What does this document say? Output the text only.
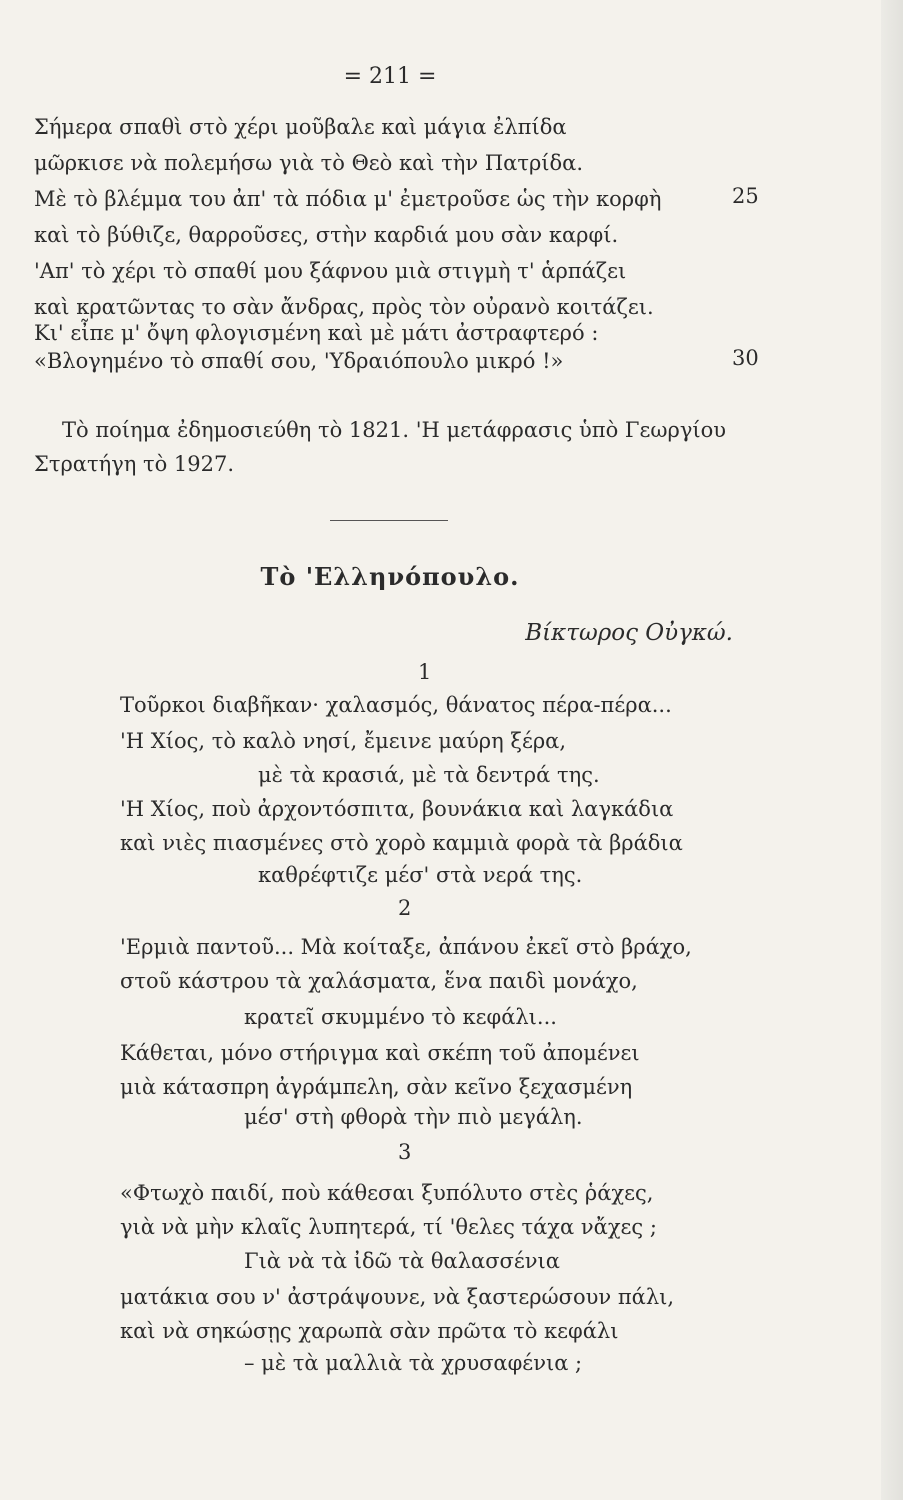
= 211 =
Σήμερα σπαθὶ στὸ χέρι μοῦβαλε καὶ μάγια ἐλπίδα
μῶρκισε νὰ πολεμήσω γιὰ τὸ Θεὸ καὶ τὴν Πατρίδα.
Μὲ τὸ βλέμμα του ἀπ' τὰ πόδια μ' ἐμετροῦσε ὡς τὴν κορφὴ
καὶ τὸ βύθιζε, θαρροῦσες, στὴν καρδιά μου σὰν καρφί.
'Απ' τὸ χέρι τὸ σπαθί μου ξάφνου μιὰ στιγμὴ τ' ἁρπάζει
καὶ κρατῶντας το σὰν ἄνδρας, πρὸς τὸν οὐρανὸ κοιτάζει.
Κι' εἶπε μ' ὄψη φλογισμένη καὶ μὲ μάτι ἀστραφτερό :
«Βλογημένο τὸ σπαθί σου, 'Υδραιόπουλο μικρό !»
25
30
Τὸ ποίημα ἐδημοσιεύθη τὸ 1821. 'Η μετάφρασις ὑπὸ Γεωργίου
Στρατήγη τὸ 1927.
Τὸ 'Ελληνόπουλο.
Βίκτωρος Οὐγκώ.
1
Τοῦρκοι διαβῆκαν· χαλασμός, θάνατος πέρα-πέρα...
'Η Χίος, τὸ καλὸ νησί, ἔμεινε μαύρη ξέρα,
μὲ τὰ κρασιά, μὲ τὰ δεντρά της.
'Η Χίος, ποὺ ἀρχοντόσπιτα, βουνάκια καὶ λαγκάδια
καὶ νιὲς πιασμένες στὸ χορὸ καμμιὰ φορὰ τὰ βράδια
καθρέφτιζε μέσ' στὰ νερά της.
2
'Ερμιὰ παντοῦ... Μὰ κοίταξε, ἀπάνου ἐκεῖ στὸ βράχο,
στοῦ κάστρου τὰ χαλάσματα, ἕνα παιδὶ μονάχο,
κρατεῖ σκυμμένο τὸ κεφάλι...
Κάθεται, μόνο στήριγμα καὶ σκέπη τοῦ ἀπομένει
μιὰ κάτασπρη ἀγράμπελη, σὰν κεῖνο ξεχασμένη
μέσ' στὴ φθορὰ τὴν πιὸ μεγάλη.
3
«Φτωχὸ παιδί, ποὺ κάθεσαι ξυπόλυτο στὲς ῥάχες,
γιὰ νὰ μὴν κλαῖς λυπητερά, τί 'θελες τάχα νἄχες ;
Γιὰ νὰ τὰ ἰδῶ τὰ θαλασσένια
ματάκια σου ν' ἀστράψουνε, νὰ ξαστερώσουν πάλι,
καὶ νὰ σηκώσῃς χαρωπὰ σὰν πρῶτα τὸ κεφάλι
– μὲ τὰ μαλλιὰ τὰ χρυσαφένια ;
